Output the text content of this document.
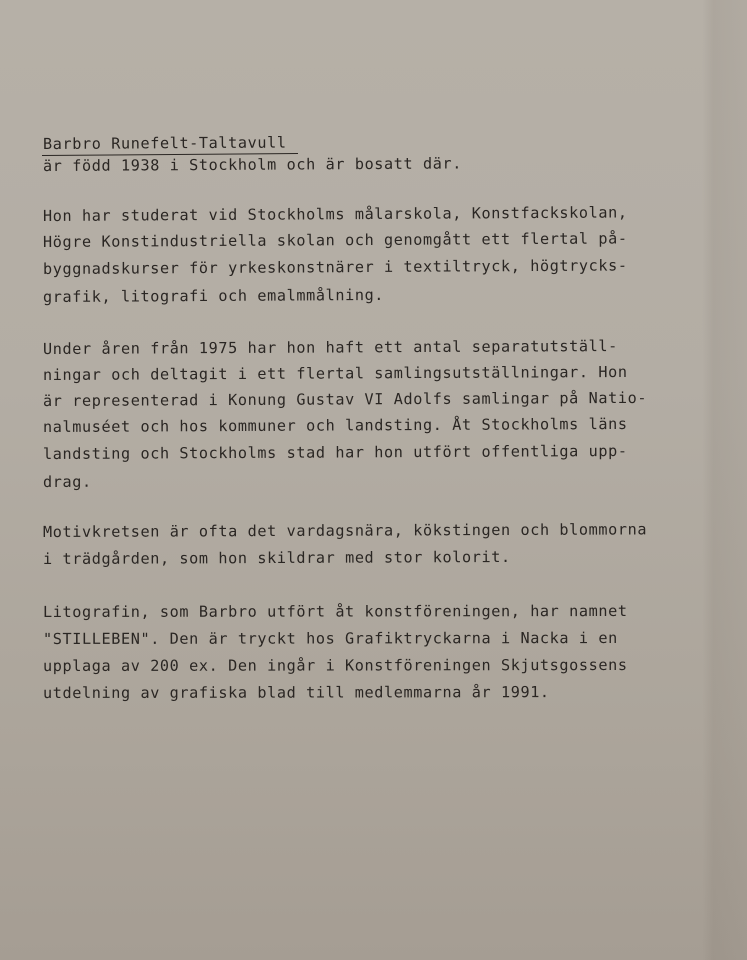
Barbro Runefelt-Taltavull
är född 1938 i Stockholm och är bosatt där.
Hon har studerat vid Stockholms målarskola, Konstfackskolan,
Högre Konstindustriella skolan och genomgått ett flertal på-
byggnadskurser för yrkeskonstnärer i textiltryck, högtrycks-
grafik, litografi och emalmmålning.
Under åren från 1975 har hon haft ett antal separatutställ-
ningar och deltagit i ett flertal samlingsutställningar. Hon
är representerad i Konung Gustav VI Adolfs samlingar på Natio-
nalmuséet och hos kommuner och landsting. Åt Stockholms läns
landsting och Stockholms stad har hon utfört offentliga upp-
drag.
Motivkretsen är ofta det vardagsnära, kökstingen och blommorna
i trädgården, som hon skildrar med stor kolorit.
Litografin, som Barbro utfört åt konstföreningen, har namnet
"STILLEBEN". Den är tryckt hos Grafiktryckarna i Nacka i en
upplaga av 200 ex. Den ingår i Konstföreningen Skjutsgossens
utdelning av grafiska blad till medlemmarna år 1991.
